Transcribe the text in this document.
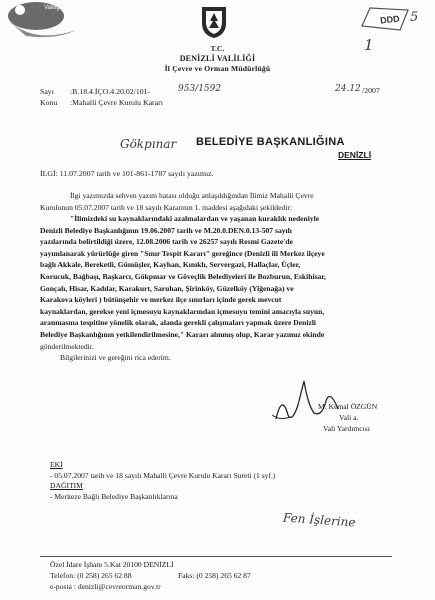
Valiliği
DDD 5
1
T.C.
DENİZLİ VALİLİĞİ
İl Çevre ve Orman Müdürlüğü
Sayı :B.18.4.İÇO.4.20.02/101-	953/1592
Konu :Mahalli Çevre Kurulu Kararı
24.12 /2007
Gökpınar BELEDİYE BAŞKANLIĞINA
DENİZLİ
İLGİ: 11.07.2007 tarih ve 101-861-1787 sayılı yazımız.
İlgi yazımızda sehven yazım hatası olduğu anlaşıldığından İlimiz Mahalli Çevre
Kurulunun 05.07.2007 tarih ve 18 sayılı Kararının 1. maddesi aşağıdaki şekildedir:
"İlimizdeki su kaynaklarındaki azalmalardan ve yaşanan kuraklık nedeniyle
Denizli Belediye Başkanlığının 19.06.2007 tarih ve M.20.0.DEN.0.13-507 sayılı
yazılarında belirtildiği üzere, 12.08.2006 tarih ve 26257 sayılı Resmi Gazete'de
yayımlanarak yürürlüğe giren "Sınır Tespit Kararı" gereğince (Denizli ili Merkez ilçeye
bağlı Akkale, Bereketli, Gümüşler, Kayhan, Kınıklı, Servergazi, Hallaçlar, Üçler,
Korucuk, Bağbaşı, Başkarcı, Gökpınar ve Göveçlik Belediyeleri ile Bozburun, Eskihisar,
Gonçalı, Hisar, Kadılar, Karakurt, Saruhan, Şirinköy, Güzelköy (Yiğenağa) ve
Karakova köyleri ) bütünşehir ve merkez ilçe sınırları içinde gerek mevcut
kaynaklardan, gerekse yeni içmesuyu kaynaklarından içmesuyu temini amacıyla suyun,
aranmasına tespitine yönelik olarak, alanda gerekli çalışmaları yapmak üzere Denizli
Belediye Başkanlığının yetkilendirilmesine," Kararı alınmış olup, Karar yazımız ekinde
gönderilmektedir.
Bilgilerinizi ve gereğini rica ederim.
M. Kemal ÖZGÜN
Vali a.
Vali Yardımcısı
EKİ
- 05.07.2007 tarih ve 18 sayılı Mahalli Çevre Kurulu Kararı Sureti (1 syf.)
DAĞITIM
- Merkeze Bağlı Belediye Başkanlıklarına
Fen İşlerine
Özel İdare İşhanı 5.Kat 20100 DENİZLİ
Telefon: (0 258) 265 62 88	Faks: (0 258) 265 62 87
e-posta : denizli@cevreorman.gov.tr
